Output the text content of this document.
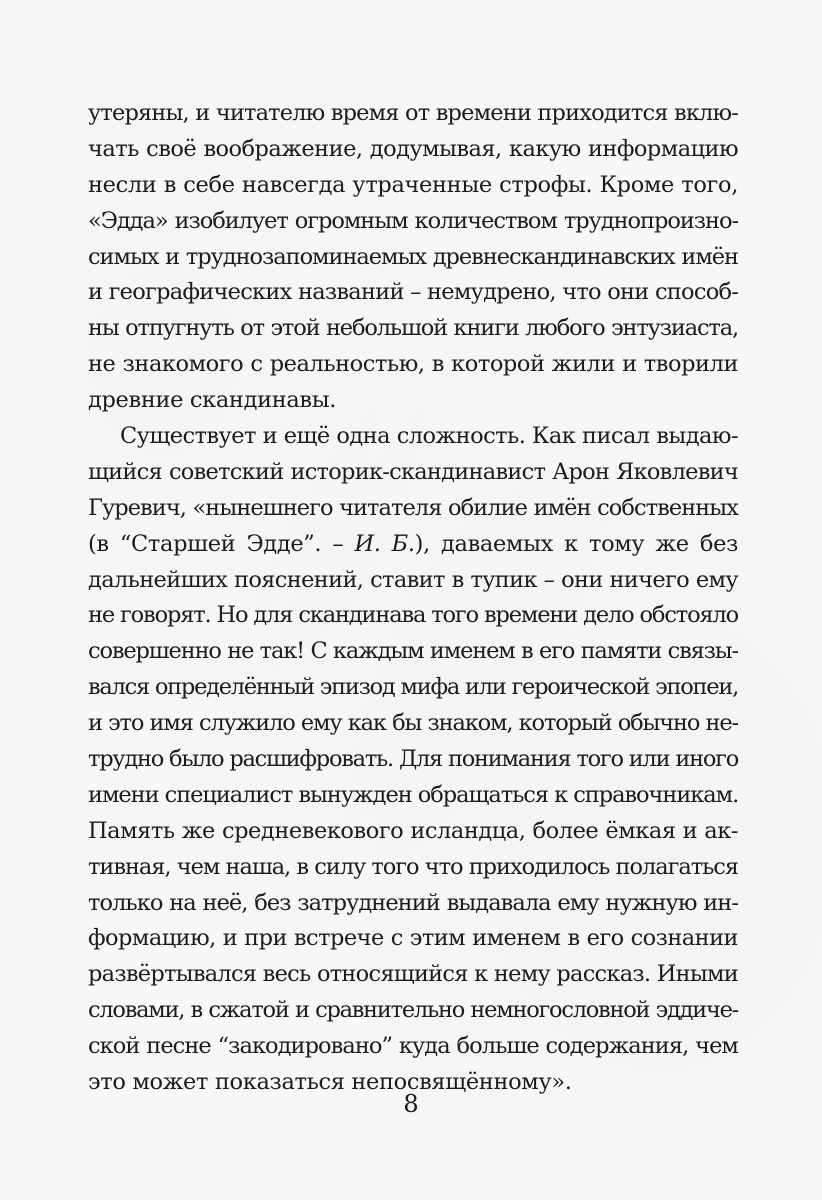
утеряны, и читателю время от времени приходится вклю-
чать своё воображение, додумывая, какую информацию
несли в себе навсегда утраченные строфы. Кроме того,
«Эдда» изобилует огромным количеством труднопроизно-
симых и труднозапоминаемых древнескандинавских имён
и географических названий – немудрено, что они способ-
ны отпугнуть от этой небольшой книги любого энтузиаста,
не знакомого с реальностью, в которой жили и творили
древние скандинавы.
Существует и ещё одна сложность. Как писал выдаю-
щийся советский историк-скандинавист Арон Яковлевич
Гуревич, «нынешнего читателя обилие имён собственных
(в “Старшей Эдде”. – И. Б.), даваемых к тому же без
дальнейших пояснений, ставит в тупик – они ничего ему
не говорят. Но для скандинава того времени дело обстояло
совершенно не так! С каждым именем в его памяти связы-
вался определённый эпизод мифа или героической эпопеи,
и это имя служило ему как бы знаком, который обычно не-
трудно было расшифровать. Для понимания того или иного
имени специалист вынужден обращаться к справочникам.
Память же средневекового исландца, более ёмкая и ак-
тивная, чем наша, в силу того что приходилось полагаться
только на неё, без затруднений выдавала ему нужную ин-
формацию, и при встрече с этим именем в его сознании
развёртывался весь относящийся к нему рассказ. Иными
словами, в сжатой и сравнительно немногословной эддиче-
ской песне “закодировано” куда больше содержания, чем
это может показаться непосвящённому».
8
